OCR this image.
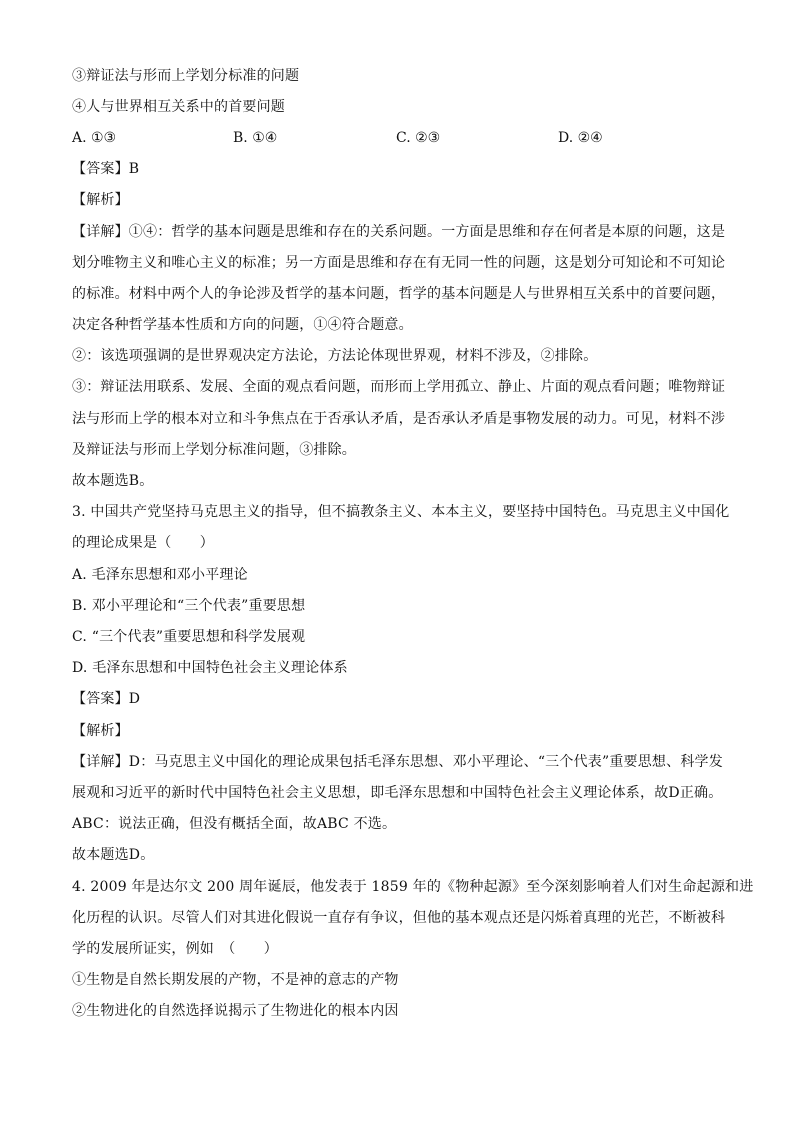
③辩证法与形而上学划分标准的问题
④人与世界相互关系中的首要问题
A. ①③	B. ①④	C. ②③	D. ②④
【答案】B
【解析】
【详解】①④：哲学的基本问题是思维和存在的关系问题。一方面是思维和存在何者是本原的问题，这是
划分唯物主义和唯心主义的标准；另一方面是思维和存在有无同一性的问题，这是划分可知论和不可知论
的标准。材料中两个人的争论涉及哲学的基本问题，哲学的基本问题是人与世界相互关系中的首要问题，
决定各种哲学基本性质和方向的问题，①④符合题意。
②：该选项强调的是世界观决定方法论，方法论体现世界观，材料不涉及，②排除。
③：辩证法用联系、发展、全面的观点看问题，而形而上学用孤立、静止、片面的观点看问题；唯物辩证
法与形而上学的根本对立和斗争焦点在于否承认矛盾，是否承认矛盾是事物发展的动力。可见，材料不涉
及辩证法与形而上学划分标准问题，③排除。
故本题选B。
3. 中国共产党坚持马克思主义的指导，但不搞教条主义、本本主义，要坚持中国特色。马克思主义中国化
的理论成果是（　　）
A. 毛泽东思想和邓小平理论
B. 邓小平理论和“三个代表”重要思想
C. “三个代表”重要思想和科学发展观
D. 毛泽东思想和中国特色社会主义理论体系
【答案】D
【解析】
【详解】D：马克思主义中国化的理论成果包括毛泽东思想、邓小平理论、“三个代表”重要思想、科学发
展观和习近平的新时代中国特色社会主义思想，即毛泽东思想和中国特色社会主义理论体系，故D正确。
ABC：说法正确，但没有概括全面，故ABC 不选。
故本题选D。
4. 2009 年是达尔文 200 周年诞辰，他发表于 1859 年的《物种起源》至今深刻影响着人们对生命起源和进
化历程的认识。尽管人们对其进化假说一直存有争议，但他的基本观点还是闪烁着真理的光芒，不断被科
学的发展所证实，例如　（　　）
①生物是自然长期发展的产物，不是神的意志的产物
②生物进化的自然选择说揭示了生物进化的根本内因
